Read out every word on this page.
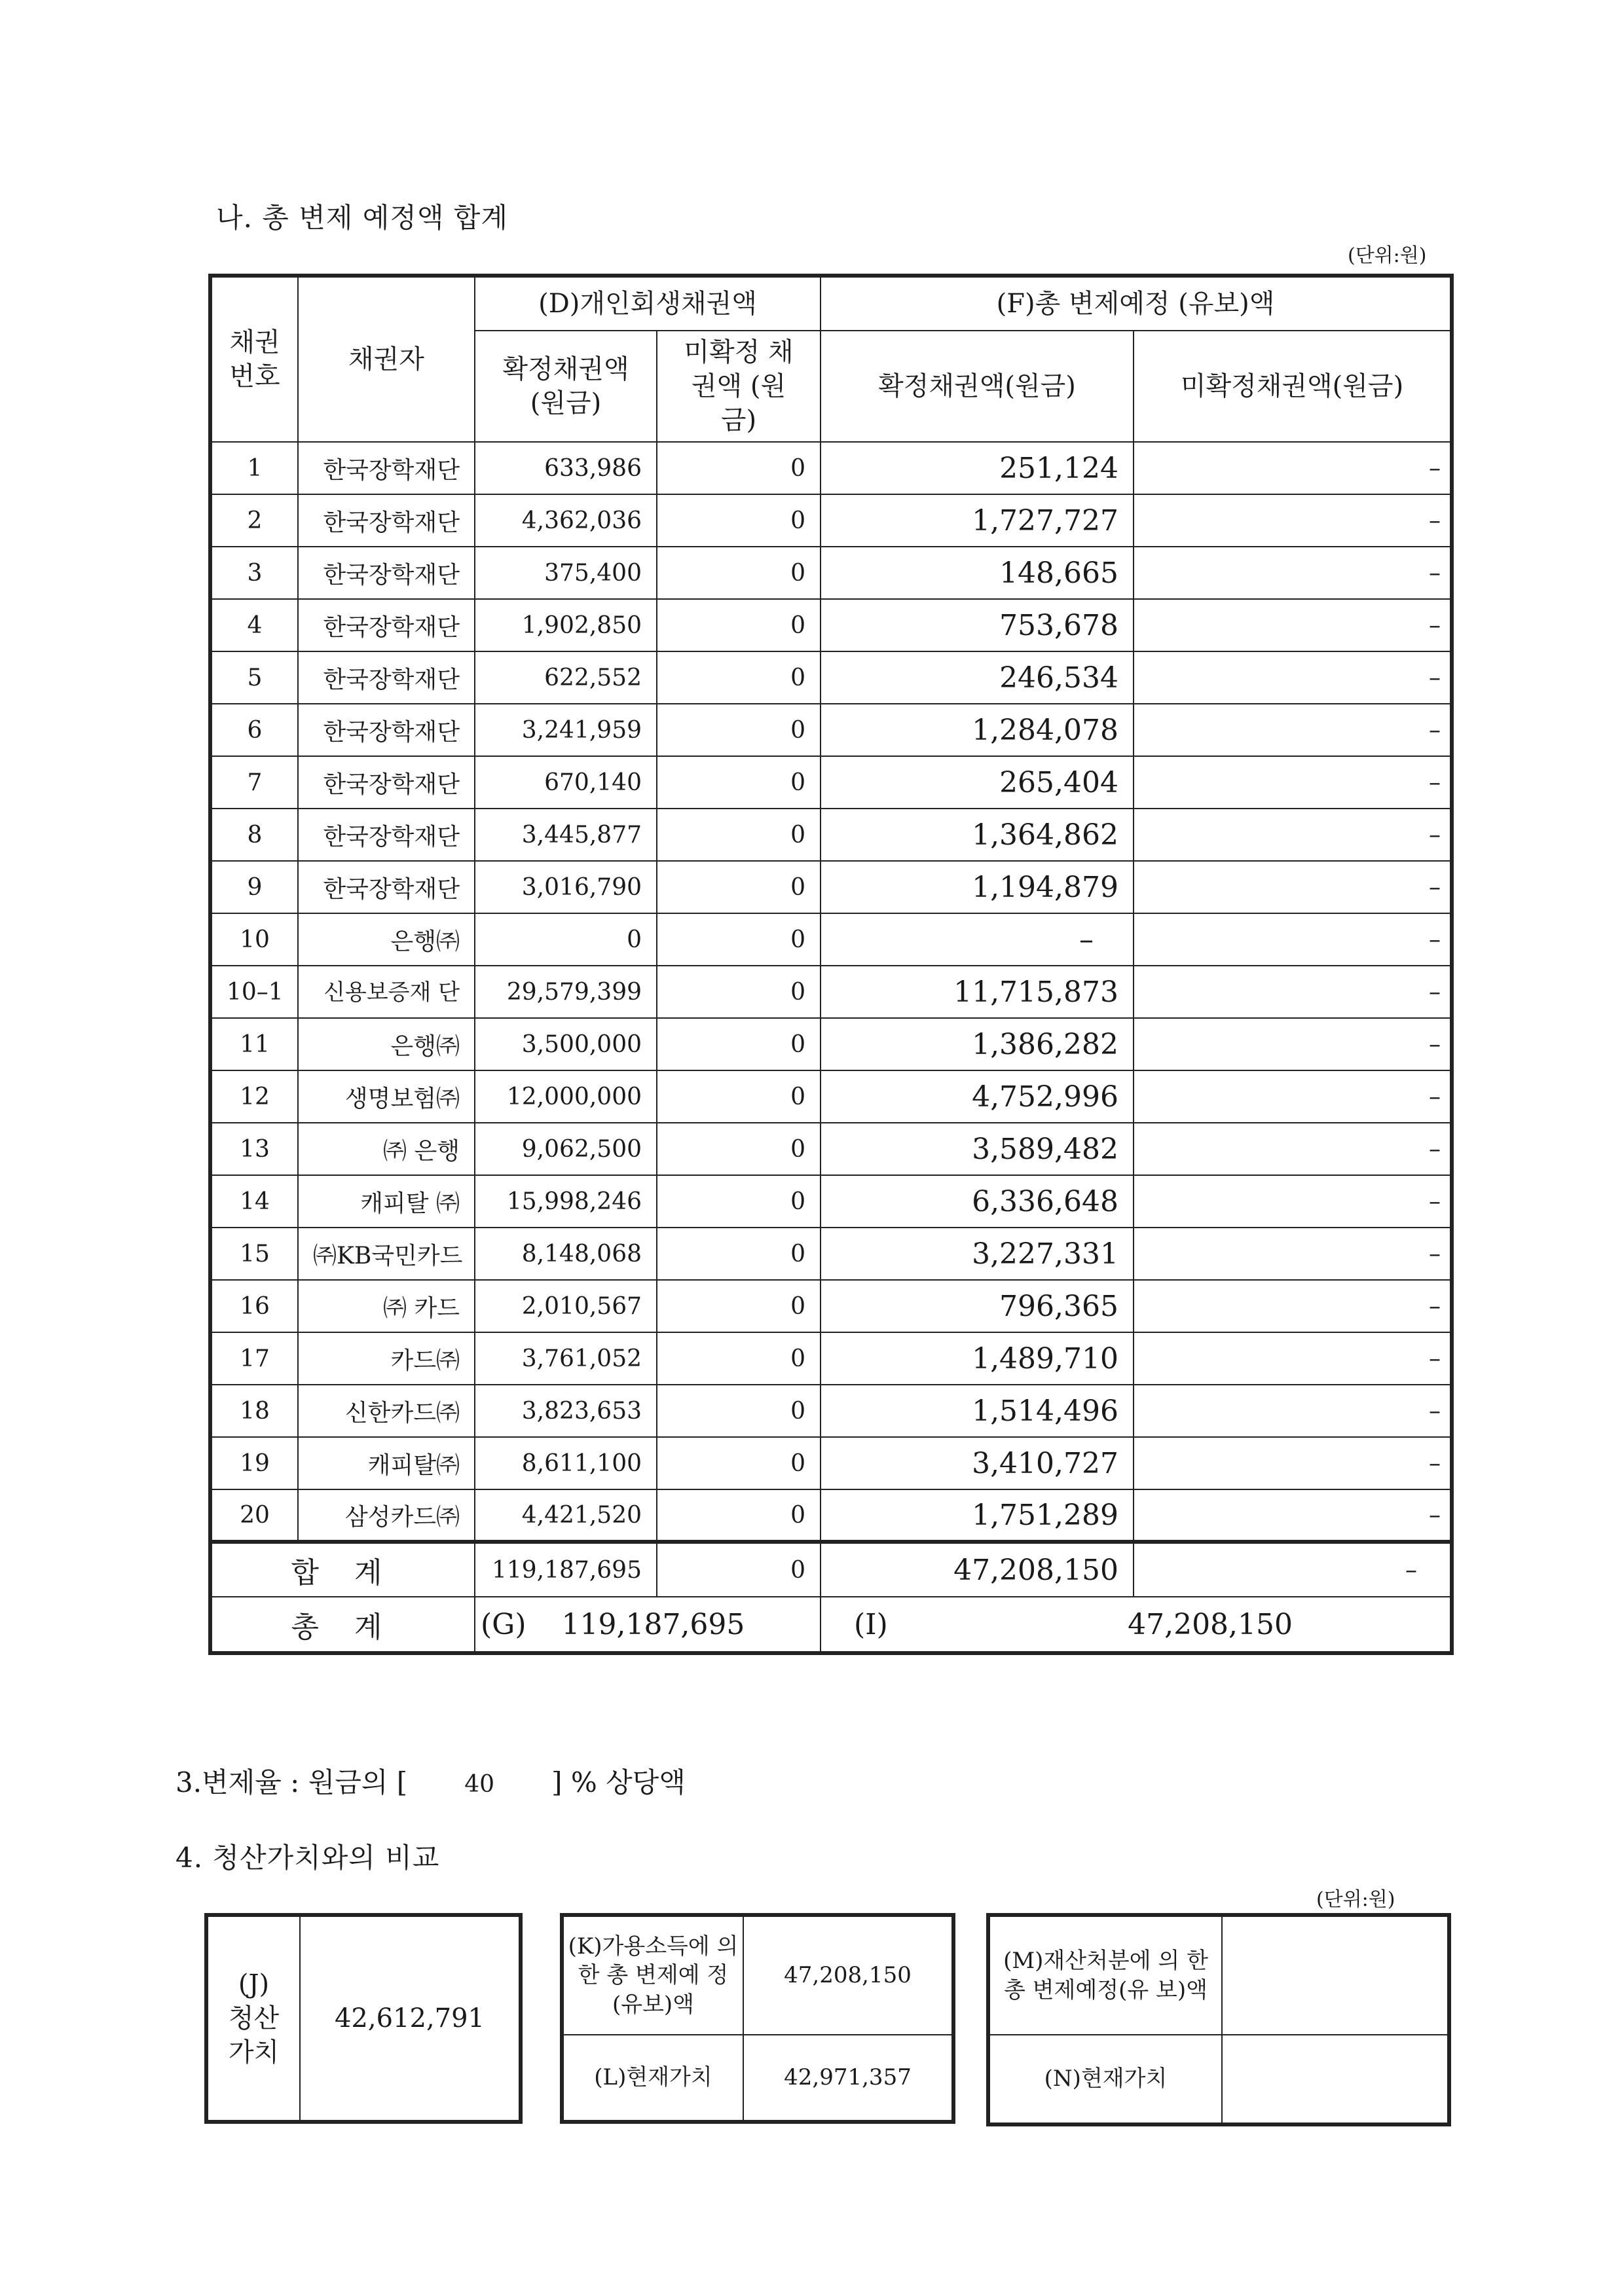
나. 총 변제 예정액 합계
(단위:원)
채권 번호	채권자	(D)개인회생채권액		(F)총 변제예정 (유보)액	
		확정채권액 (원금)	미확정 채권액 (원금)	확정채권액(원금)	미확정채권액(원금)
1	한국장학재단	633,986	0	251,124	–
2	한국장학재단	4,362,036	0	1,727,727	–
3	한국장학재단	375,400	0	148,665	–
4	한국장학재단	1,902,850	0	753,678	–
5	한국장학재단	622,552	0	246,534	–
6	한국장학재단	3,241,959	0	1,284,078	–
7	한국장학재단	670,140	0	265,404	–
8	한국장학재단	3,445,877	0	1,364,862	–
9	한국장학재단	3,016,790	0	1,194,879	–
10	은행㈜	0	0	–	–
10–1	신용보증재 단	29,579,399	0	11,715,873	–
11	은행㈜	3,500,000	0	1,386,282	–
12	생명보험㈜	12,000,000	0	4,752,996	–
13	㈜ 은행	9,062,500	0	3,589,482	–
14	캐피탈 ㈜	15,998,246	0	6,336,648	–
15	㈜KB국민카드	8,148,068	0	3,227,331	–
16	㈜ 카드	2,010,567	0	796,365	–
17	카드㈜	3,761,052	0	1,489,710	–
18	신한카드㈜	3,823,653	0	1,514,496	–
19	캐피탈㈜	8,611,100	0	3,410,727	–
20	삼성카드㈜	4,421,520	0	1,751,289	–
합 계		119,187,695	0	47,208,150	–
총 계		(G) 119,187,695		(I) 47,208,150	
3.변제율 : 원금의 [ 40 ] % 상당액
4. 청산가치와의 비교
(단위:원)
(J) 청산 가치	42,612,791
(K)가용소득에 의한 총 변제예 정(유보)액	47,208,150
(L)현재가치	42,971,357
(M)재산처분에 의 한 총 변제예정(유 보)액	
(N)현재가치	
